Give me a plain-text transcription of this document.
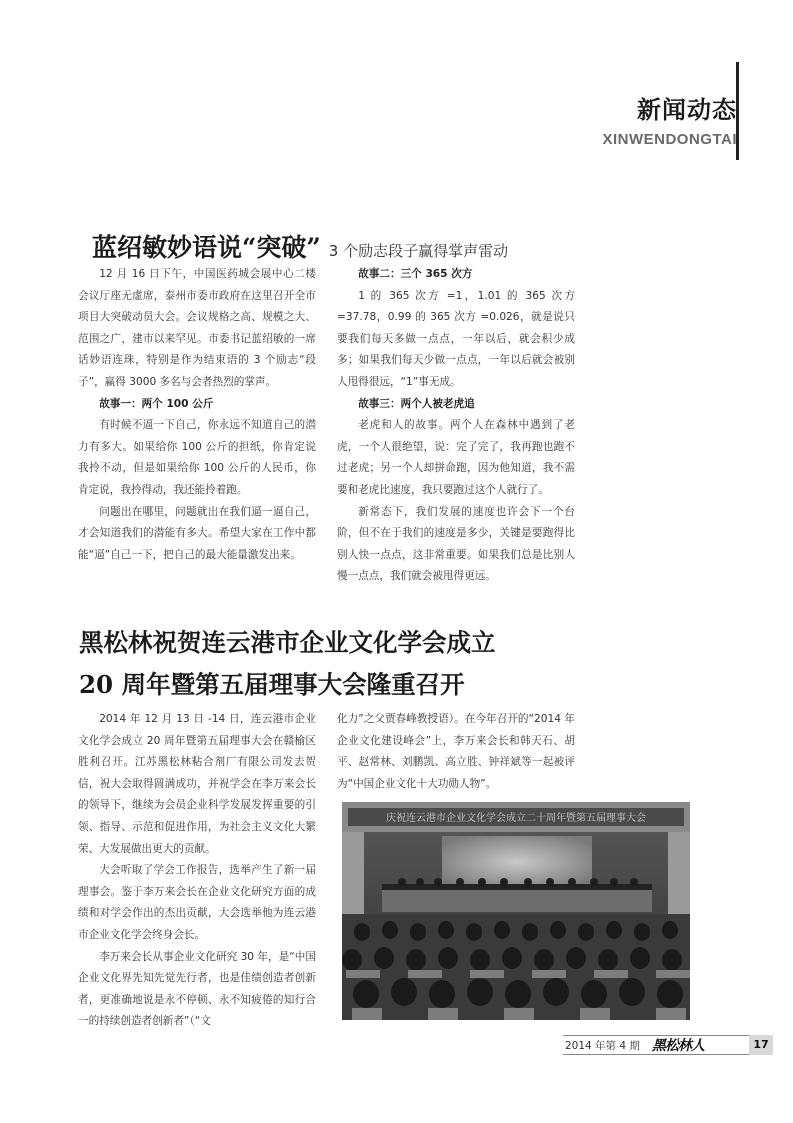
新闻动态
XINWENDONGTAI
蓝绍敏妙语说“突破” 3 个励志段子赢得掌声雷动

12 月 16 日下午，中国医药城会展中心二楼会议厅座无虚席，泰州市委市政府在这里召开全市项目大突破动员大会。会议规格之高、规模之大、范围之广，建市以来罕见。市委书记蓝绍敏的一席话妙语连珠，特别是作为结束语的 3 个励志“段子”，赢得 3000 多名与会者热烈的掌声。

故事一：两个 100 公斤

有时候不逼一下自己，你永远不知道自己的潜力有多大。如果给你 100 公斤的担纸，你肯定说我拎不动，但是如果给你 100 公斤的人民币，你肯定说，我拎得动，我还能拎着跑。

问题出在哪里，问题就出在我们逼一逼自己，才会知道我们的潜能有多大。希望大家在工作中都能“逼”自己一下，把自己的最大能量激发出来。

故事二：三个 365 次方

1 的 365 次方 =1，1.01 的 365 次方 =37.78，0.99 的 365 次方 =0.026，就是说只要我们每天多做一点点，一年以后，就会积少成多；如果我们每天少做一点点，一年以后就会被别人甩得很远，“1”事无成。

故事三：两个人被老虎追

老虎和人的故事。两个人在森林中遇到了老虎，一个人很绝望，说：完了完了，我再跑也跑不过老虎；另一个人却拼命跑，因为他知道，我不需要和老虎比速度，我只要跑过这个人就行了。

新常态下，我们发展的速度也许会下一个台阶，但不在于我们的速度是多少，关键是要跑得比别人快一点点，这非常重要。如果我们总是比别人慢一点点，我们就会被甩得更远。

黑松林祝贺连云港市企业文化学会成立
20 周年暨第五届理事大会隆重召开

2014 年 12 月 13 日 -14 日，连云港市企业文化学会成立 20 周年暨第五届理事大会在赣榆区胜利召开。江苏黑松林粘合剂厂有限公司发去贺信，祝大会取得圆满成功，并祝学会在李万来会长的领导下，继续为会员企业科学发展发挥重要的引领、指导、示范和促进作用，为社会主义文化大繁荣、大发展做出更大的贡献。

大会听取了学会工作报告，选举产生了新一届理事会。鉴于李万来会长在企业文化研究方面的成绩和对学会作出的杰出贡献，大会选举他为连云港市企业文化学会终身会长。

李万来会长从事企业文化研究 30 年，是“中国企业文化界先知先觉先行者，也是佳绩创造者创新者，更准确地说是永不停顿、永不知疲倦的知行合一的持续创造者创新者”（“文

化力”之父贾春峰教授语）。在今年召开的“2014 年企业文化建设峰会”上，李万来会长和韩天石、胡平、赵常林、刘鹏凯、高立胜、钟祥斌等一起被评为“中国企业文化十大功勋人物”。

庆祝连云港市企业文化学会成立二十周年暨第五届理事大会
2014 年第 4 期 黑松林人	17
